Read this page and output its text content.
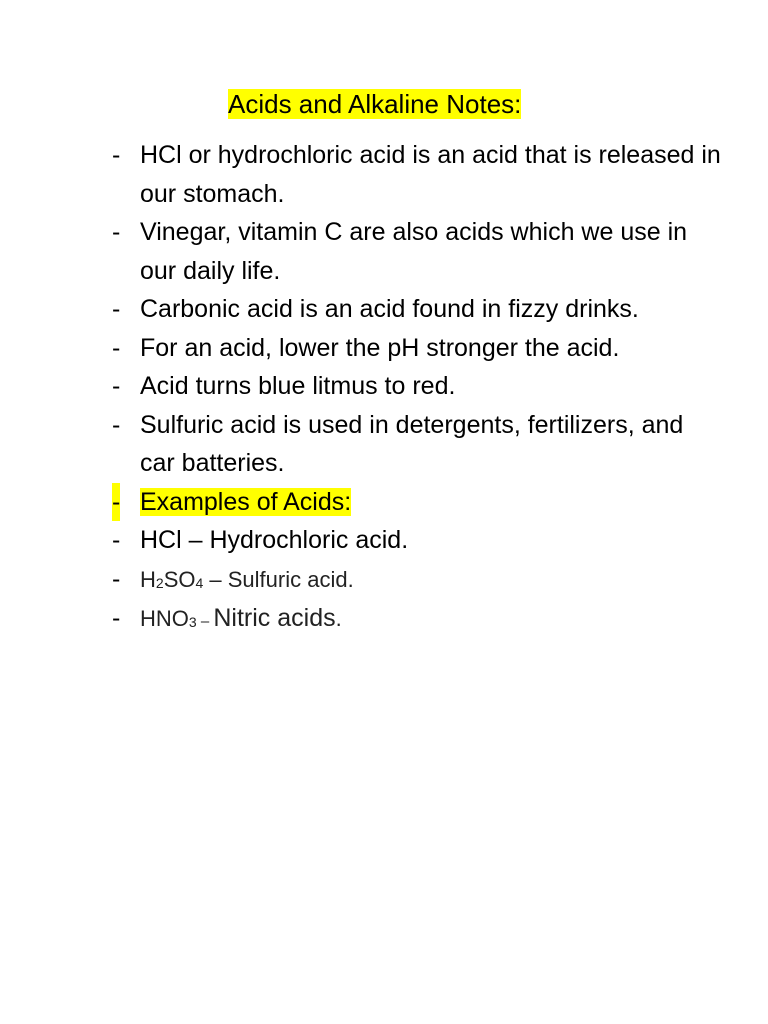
Acids and Alkaline Notes:
- HCl or hydrochloric acid is an acid that is released in our stomach.
- Vinegar, vitamin C are also acids which we use in our daily life.
- Carbonic acid is an acid found in fizzy drinks.
- For an acid, lower the pH stronger the acid.
- Acid turns blue litmus to red.
- Sulfuric acid is used in detergents, fertilizers, and car batteries.
- Examples of Acids:
- HCl – Hydrochloric acid.
- $H_2SO_4$ – Sulfuric acid.
- $HNO_3$ – Nitric acids.
